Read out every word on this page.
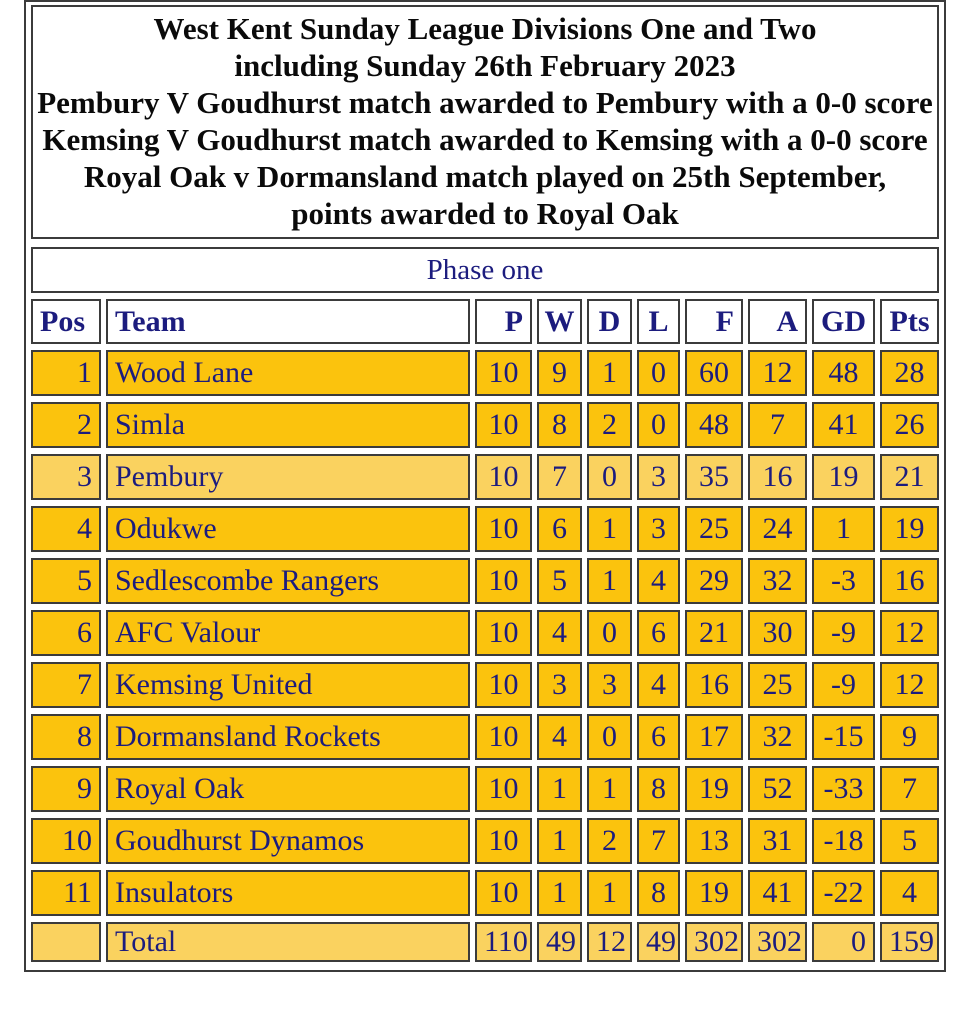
West Kent Sunday League Divisions One and Two
including Sunday 26th February 2023
Pembury V Goudhurst match awarded to Pembury with a 0-0 score
Kemsing V Goudhurst match awarded to Kemsing with a 0-0 score
Royal Oak v Dormansland match played on 25th September,
points awarded to Royal Oak
Phase one
Pos	Team	P	W	D	L	F	A	GD	Pts
1	Wood Lane	10	9	1	0	60	12	48	28
2	Simla	10	8	2	0	48	7	41	26
3	Pembury	10	7	0	3	35	16	19	21
4	Odukwe	10	6	1	3	25	24	1	19
5	Sedlescombe Rangers	10	5	1	4	29	32	-3	16
6	AFC Valour	10	4	0	6	21	30	-9	12
7	Kemsing United	10	3	3	4	16	25	-9	12
8	Dormansland Rockets	10	4	0	6	17	32	-15	9
9	Royal Oak	10	1	1	8	19	52	-33	7
10	Goudhurst Dynamos	10	1	2	7	13	31	-18	5
11	Insulators	10	1	1	8	19	41	-22	4
	Total	110	49	12	49	302	302	0	159
